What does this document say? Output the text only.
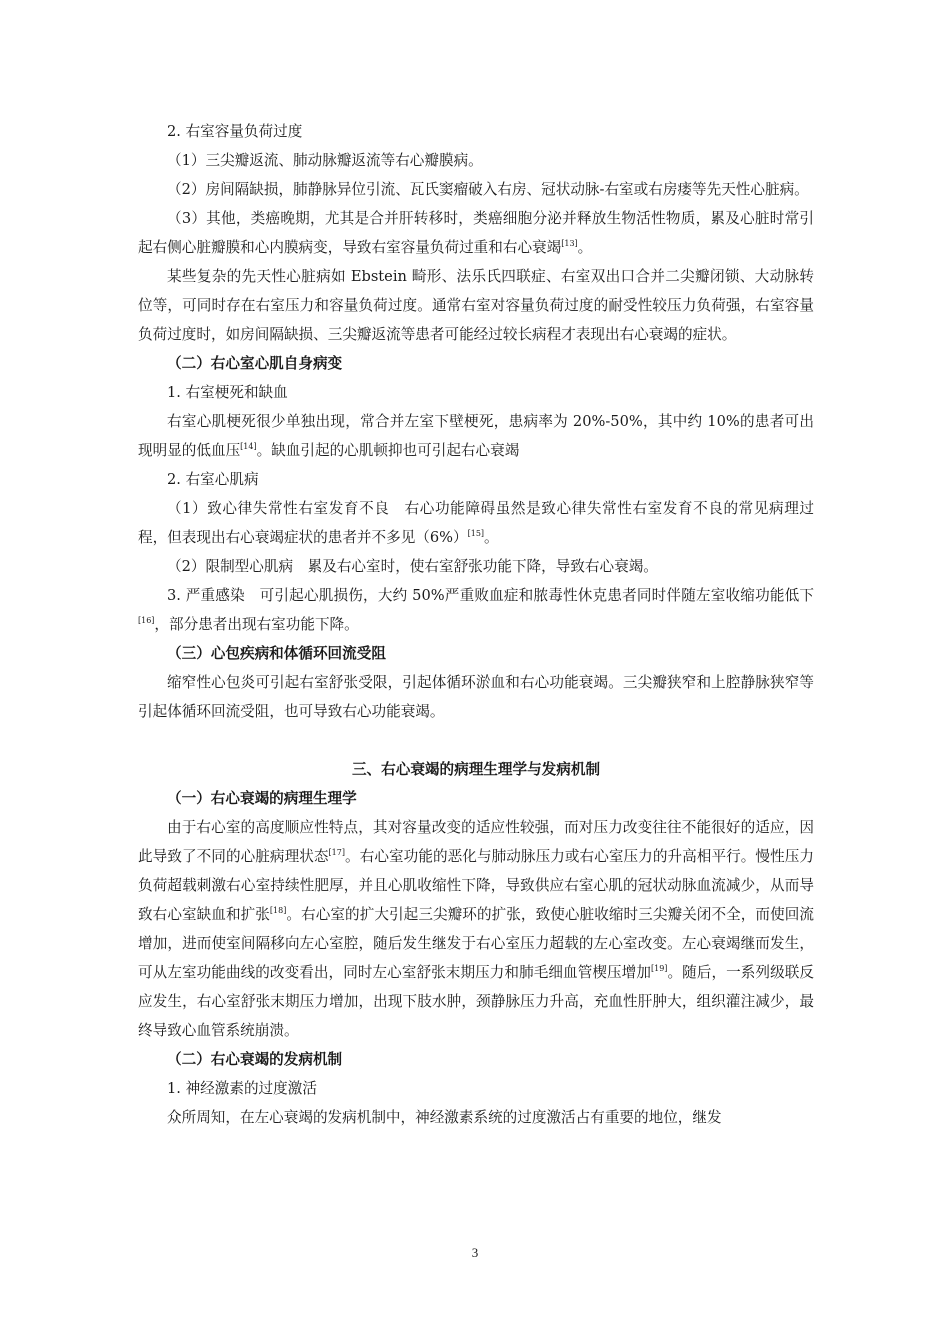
2. 右室容量负荷过度

（1）三尖瓣返流、肺动脉瓣返流等右心瓣膜病。

（2）房间隔缺损，肺静脉异位引流、瓦氏窦瘤破入右房、冠状动脉-右室或右房瘘等先天性心脏病。

（3）其他，类癌晚期，尤其是合并肝转移时，类癌细胞分泌并释放生物活性物质，累及心脏时常引起右侧心脏瓣膜和心内膜病变，导致右室容量负荷过重和右心衰竭[13]。

某些复杂的先天性心脏病如 Ebstein 畸形、法乐氏四联症、右室双出口合并二尖瓣闭锁、大动脉转位等，可同时存在右室压力和容量负荷过度。通常右室对容量负荷过度的耐受性较压力负荷强，右室容量负荷过度时，如房间隔缺损、三尖瓣返流等患者可能经过较长病程才表现出右心衰竭的症状。

（二）右心室心肌自身病变

1. 右室梗死和缺血

右室心肌梗死很少单独出现，常合并左室下壁梗死，患病率为 20%-50%，其中约 10%的患者可出现明显的低血压[14]。缺血引起的心肌顿抑也可引起右心衰竭

2. 右室心肌病

（1）致心律失常性右室发育不良　右心功能障碍虽然是致心律失常性右室发育不良的常见病理过程，但表现出右心衰竭症状的患者并不多见（6%）[15]。

（2）限制型心肌病　累及右心室时，使右室舒张功能下降，导致右心衰竭。

3. 严重感染　可引起心肌损伤，大约 50%严重败血症和脓毒性休克患者同时伴随左室收缩功能低下[16]，部分患者出现右室功能下降。

（三）心包疾病和体循环回流受阻

缩窄性心包炎可引起右室舒张受限，引起体循环淤血和右心功能衰竭。三尖瓣狭窄和上腔静脉狭窄等引起体循环回流受阻，也可导致右心功能衰竭。

三、右心衰竭的病理生理学与发病机制

（一）右心衰竭的病理生理学

由于右心室的高度顺应性特点，其对容量改变的适应性较强，而对压力改变往往不能很好的适应，因此导致了不同的心脏病理状态[17]。右心室功能的恶化与肺动脉压力或右心室压力的升高相平行。慢性压力负荷超载刺激右心室持续性肥厚，并且心肌收缩性下降，导致供应右室心肌的冠状动脉血流减少，从而导致右心室缺血和扩张[18]。右心室的扩大引起三尖瓣环的扩张，致使心脏收缩时三尖瓣关闭不全，而使回流增加，进而使室间隔移向左心室腔，随后发生继发于右心室压力超载的左心室改变。左心衰竭继而发生，可从左室功能曲线的改变看出，同时左心室舒张末期压力和肺毛细血管楔压增加[19]。随后，一系列级联反应发生，右心室舒张末期压力增加，出现下肢水肿，颈静脉压力升高，充血性肝肿大，组织灌注减少，最终导致心血管系统崩溃。

（二）右心衰竭的发病机制

1. 神经激素的过度激活

众所周知，在左心衰竭的发病机制中，神经激素系统的过度激活占有重要的地位，继发

3
